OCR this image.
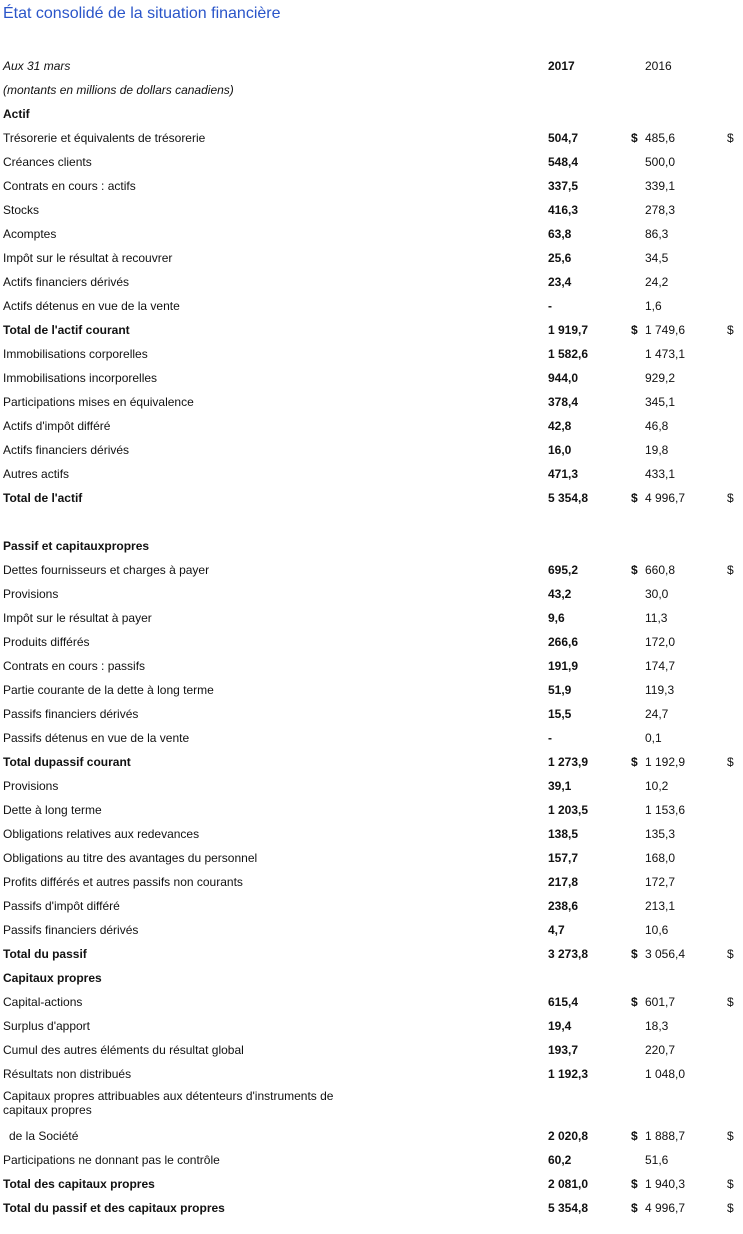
État consolidé de la situation financière
Aux 31 mars	2017	2016
(montants en millions de dollars canadiens)
Actif
Trésorerie et équivalents de trésorerie	504,7	$ 485,6	$
Créances clients	548,4	500,0
Contrats en cours : actifs	337,5	339,1
Stocks	416,3	278,3
Acomptes	63,8	86,3
Impôt sur le résultat à recouvrer	25,6	34,5
Actifs financiers dérivés	23,4	24,2
Actifs détenus en vue de la vente	-	1,6
Total de l'actif courant	1 919,7	$ 1 749,6	$
Immobilisations corporelles	1 582,6	1 473,1
Immobilisations incorporelles	944,0	929,2
Participations mises en équivalence	378,4	345,1
Actifs d'impôt différé	42,8	46,8
Actifs financiers dérivés	16,0	19,8
Autres actifs	471,3	433,1
Total de l'actif	5 354,8	$ 4 996,7	$
Passif et capitauxpropres
Dettes fournisseurs et charges à payer	695,2	$ 660,8	$
Provisions	43,2	30,0
Impôt sur le résultat à payer	9,6	11,3
Produits différés	266,6	172,0
Contrats en cours : passifs	191,9	174,7
Partie courante de la dette à long terme	51,9	119,3
Passifs financiers dérivés	15,5	24,7
Passifs détenus en vue de la vente	-	0,1
Total dupassif courant	1 273,9	$ 1 192,9	$
Provisions	39,1	10,2
Dette à long terme	1 203,5	1 153,6
Obligations relatives aux redevances	138,5	135,3
Obligations au titre des avantages du personnel	157,7	168,0
Profits différés et autres passifs non courants	217,8	172,7
Passifs d'impôt différé	238,6	213,1
Passifs financiers dérivés	4,7	10,6
Total du passif	3 273,8	$ 3 056,4	$
Capitaux propres
Capital-actions	615,4	$ 601,7	$
Surplus d'apport	19,4	18,3
Cumul des autres éléments du résultat global	193,7	220,7
Résultats non distribués	1 192,3	1 048,0
Capitaux propres attribuables aux détenteurs d'instruments de capitaux propres
de la Société	2 020,8	$ 1 888,7	$
Participations ne donnant pas le contrôle	60,2	51,6
Total des capitaux propres	2 081,0	$ 1 940,3	$
Total du passif et des capitaux propres	5 354,8	$ 4 996,7	$
